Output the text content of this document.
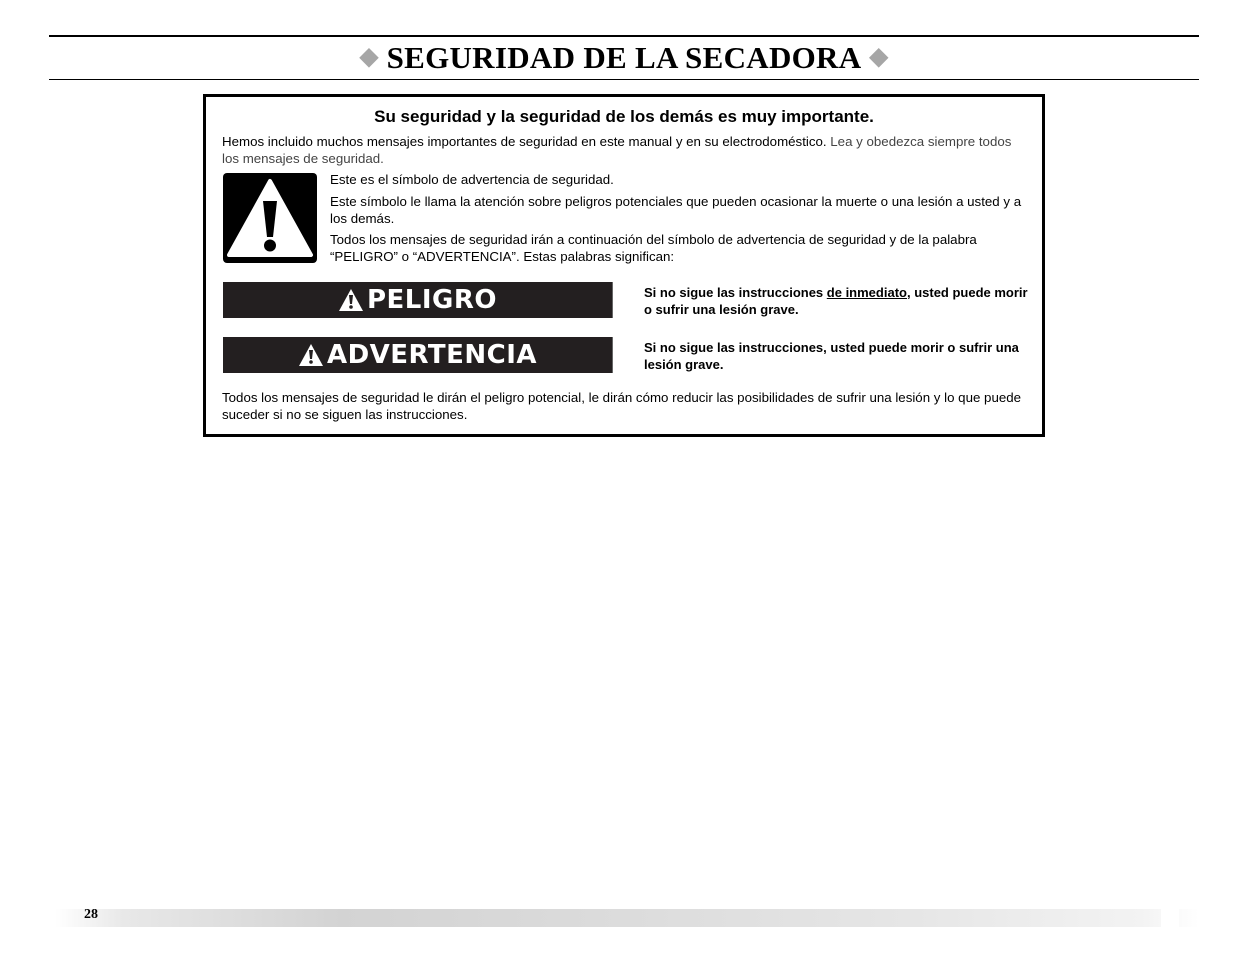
◆ SEGURIDAD DE LA SECADORA ◆
Su seguridad y la seguridad de los demás es muy importante.
Hemos incluido muchos mensajes importantes de seguridad en este manual y en su electrodoméstico. Lea y obedezca siempre todos los mensajes de seguridad.
Este es el símbolo de advertencia de seguridad.
Este símbolo le llama la atención sobre peligros potenciales que pueden ocasionar la muerte o una lesión a usted y a los demás.
Todos los mensajes de seguridad irán a continuación del símbolo de advertencia de seguridad y de la palabra “PELIGRO” o “ADVERTENCIA”. Estas palabras significan:
PELIGRO	Si no sigue las instrucciones de inmediato, usted puede morir o sufrir una lesión grave.
ADVERTENCIA	Si no sigue las instrucciones, usted puede morir o sufrir una lesión grave.
Todos los mensajes de seguridad le dirán el peligro potencial, le dirán cómo reducir las posibilidades de sufrir una lesión y lo que puede suceder si no se siguen las instrucciones.
28
